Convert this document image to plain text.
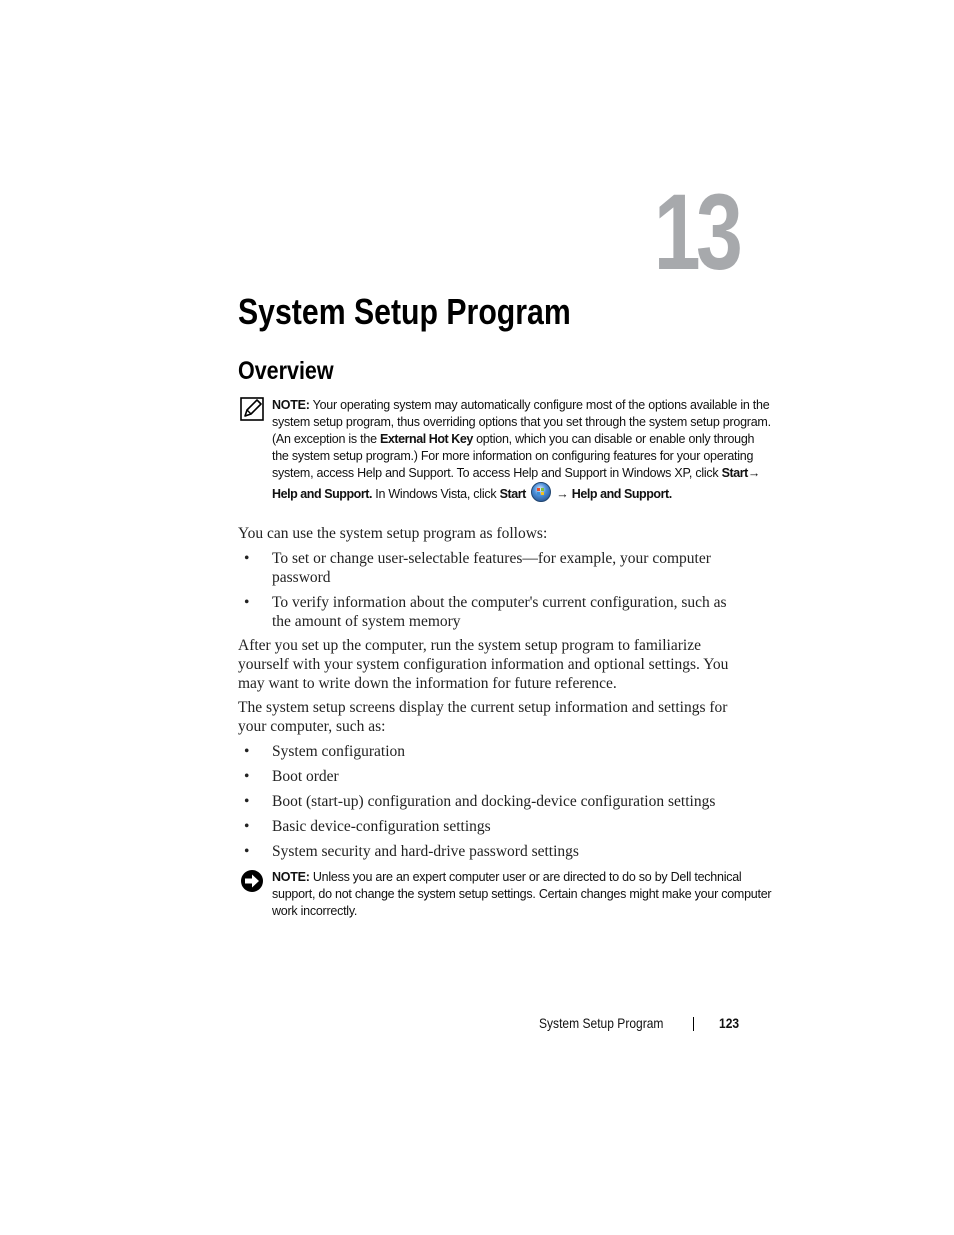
13
System Setup Program
Overview
NOTE: Your operating system may automatically configure most of the options available in the system setup program, thus overriding options that you set through the system setup program. (An exception is the External Hot Key option, which you can disable or enable only through the system setup program.) For more information on configuring features for your operating system, access Help and Support. To access Help and Support in Windows XP, click Start→ Help and Support. In Windows Vista, click Start  → Help and Support.

You can use the system setup program as follows:

• To set or change user-selectable features—for example, your computer password
• To verify information about the computer's current configuration, such as the amount of system memory

After you set up the computer, run the system setup program to familiarize yourself with your system configuration information and optional settings. You may want to write down the information for future reference.

The system setup screens display the current setup information and settings for your computer, such as:

• System configuration
• Boot order
• Boot (start-up) configuration and docking-device configuration settings
• Basic device-configuration settings
• System security and hard-drive password settings
NOTE: Unless you are an expert computer user or are directed to do so by Dell technical support, do not change the system setup settings. Certain changes might make your computer work incorrectly.
System Setup Program	123
